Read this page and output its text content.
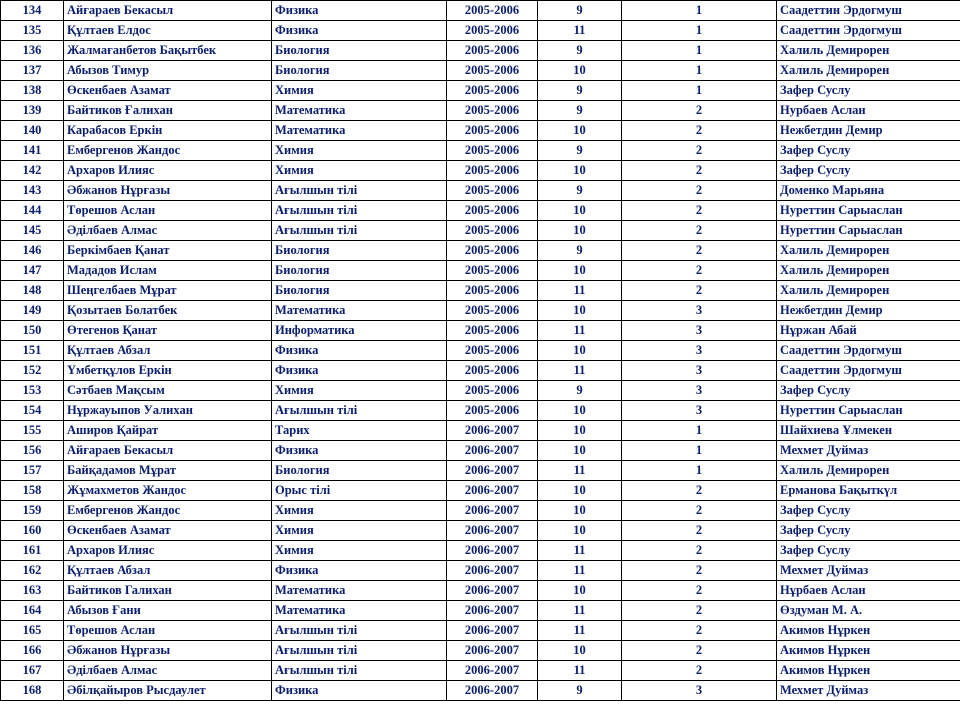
134	Айғараев Бекасыл	Физика	2005-2006	9	1	Саадеттин Эрдогмуш
135	Құлтаев Елдос	Физика	2005-2006	11	1	Саадеттин Эрдогмуш
136	Жалмағанбетов Бақытбек	Биология	2005-2006	9	1	Халиль Демирорен
137	Абызов Тимур	Биология	2005-2006	10	1	Халиль Демирорен
138	Өскенбаев Азамат	Химия	2005-2006	9	1	Зафер Суслу
139	Байтиков Ғалихан	Математика	2005-2006	9	2	Нурбаев Аслан
140	Карабасов Еркін	Математика	2005-2006	10	2	Нежбетдин Демир
141	Ембергенов Жандос	Химия	2005-2006	9	2	Зафер Суслу
142	Архаров Илияс	Химия	2005-2006	10	2	Зафер Суслу
143	Әбжанов Нұрғазы	Ағылшын тілі	2005-2006	9	2	Доменко Марьяна
144	Төрешов Аслан	Ағылшын тілі	2005-2006	10	2	Нуреттин Сарыаслан
145	Әділбаев Алмас	Ағылшын тілі	2005-2006	10	2	Нуреттин Сарыаслан
146	Беркімбаев Қанат	Биология	2005-2006	9	2	Халиль Демирорен
147	Мададов Ислам	Биология	2005-2006	10	2	Халиль Демирорен
148	Шеңгелбаев Мұрат	Биология	2005-2006	11	2	Халиль Демирорен
149	Қозытаев Болатбек	Математика	2005-2006	10	3	Нежбетдин Демир
150	Өтегенов Қанат	Информатика	2005-2006	11	3	Нұржан Абай
151	Құлтаев Абзал	Физика	2005-2006	10	3	Саадеттин Эрдогмуш
152	Үмбетқұлов Еркін	Физика	2005-2006	11	3	Саадеттин Эрдогмуш
153	Сәтбаев Мақсым	Химия	2005-2006	9	3	Зафер Суслу
154	Нұржауыпов Уалихан	Ағылшын тілі	2005-2006	10	3	Нуреттин Сарыаслан
155	Аширов Қайрат	Тарих	2006-2007	10	1	Шайхиева Ұлмекен
156	Айғараев Бекасыл	Физика	2006-2007	10	1	Мехмет Дуймаз
157	Байқадамов Мұрат	Биология	2006-2007	11	1	Халиль Демирорен
158	Жұмахметов Жандос	Орыс тілі	2006-2007	10	2	Ерманова Бақыткүл
159	Ембергенов Жандос	Химия	2006-2007	10	2	Зафер Суслу
160	Өскенбаев Азамат	Химия	2006-2007	10	2	Зафер Суслу
161	Архаров Илияс	Химия	2006-2007	11	2	Зафер Суслу
162	Құлтаев Абзал	Физика	2006-2007	11	2	Мехмет Дуймаз
163	Байтиков Галихан	Математика	2006-2007	10	2	Нұрбаев Аслан
164	Абызов Ғани	Математика	2006-2007	11	2	Өздуман М. А.
165	Төрешов Аслан	Ағылшын тілі	2006-2007	11	2	Акимов Нұркен
166	Әбжанов Нұрғазы	Ағылшын тілі	2006-2007	10	2	Акимов Нұркен
167	Әділбаев Алмас	Ағылшын тілі	2006-2007	11	2	Акимов Нұркен
168	Әбілқайыров Рысдаулет	Физика	2006-2007	9	3	Мехмет Дуймаз
